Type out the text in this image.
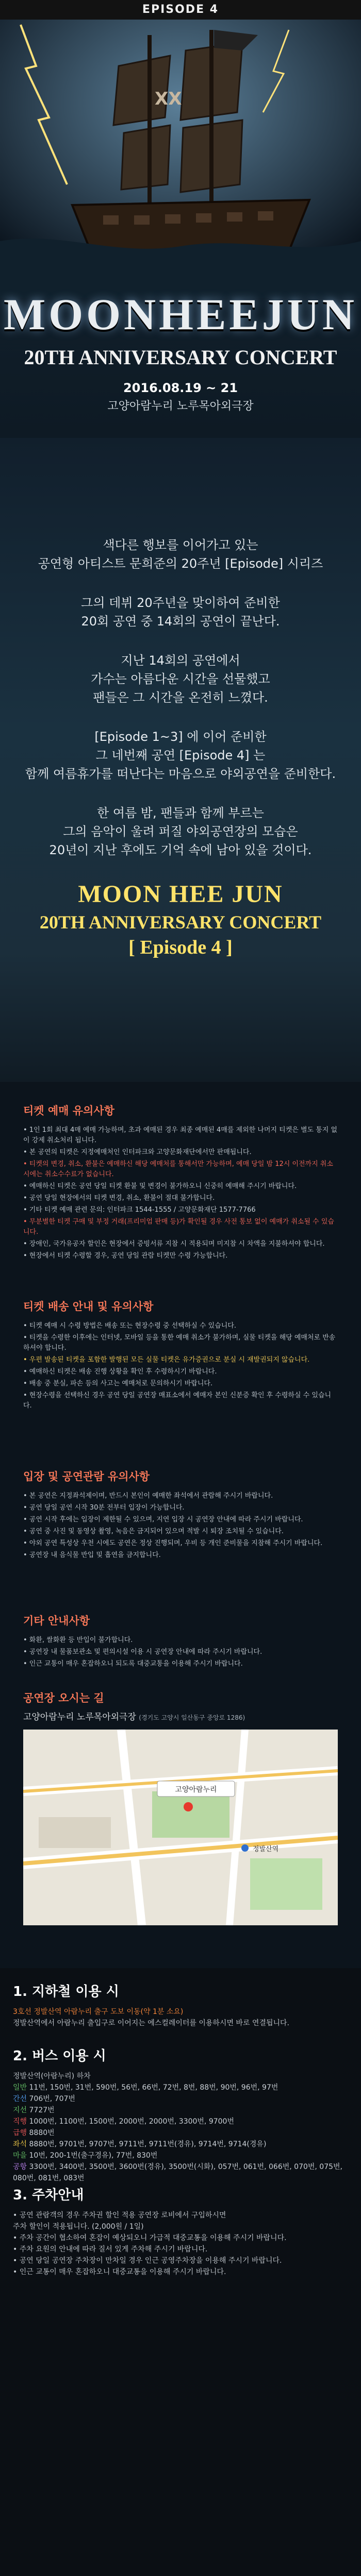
EPISODE 4
XX
MOONHEEJUN
20TH ANNIVERSARY CONCERT
2016.08.19 ~ 21
고양아람누리 노루목아외극장

색다른 행보를 이어가고 있는
공연형 아티스트 문희준의 20주년 [Episode] 시리즈

그의 데뷔 20주년을 맞이하여 준비한
20회 공연 중 14회의 공연이 끝난다.

지난 14회의 공연에서
가수는 아름다운 시간을 선물했고
팬들은 그 시간을 온전히 느꼈다.

[Episode 1~3] 에 이어 준비한
그 네번째 공연 [Episode 4] 는
함께 여름휴가를 떠난다는 마음으로 야외공연을 준비한다.

한 여름 밤, 팬들과 함께 부르는
그의 음악이 울려 퍼질 야외공연장의 모습은
20년이 지난 후에도 기억 속에 남아 있을 것이다.

MOON HEE JUN
20TH ANNIVERSARY CONCERT
[ Episode 4 ]
티켓 예매 유의사항
• 1인 1회 최대 4매 예매 가능하며, 초과 예매된 경우 최종 예매된 4매를 제외한 나머지 티켓은 별도 통지 없이 강제 취소처리 됩니다.
• 본 공연의 티켓은 지정예매처인 인터파크와 고양문화재단에서만 판매됩니다.
• 티켓의 변경, 취소, 환불은 예매하신 해당 예매처를 통해서만 가능하며, 예매 당일 밤 12시 이전까지 취소 시에는 취소수수료가 없습니다.
• 예매하신 티켓은 공연 당일 티켓 환불 및 변경이 불가하오니 신중히 예매해 주시기 바랍니다.
• 공연 당일 현장에서의 티켓 변경, 취소, 환불이 절대 불가합니다.
• 기타 티켓 예매 관련 문의: 인터파크 1544-1555 / 고양문화재단 1577-7766
• 무분별한 티켓 구매 및 부정 거래(프리미엄 판매 등)가 확인될 경우 사전 통보 없이 예매가 취소될 수 있습니다.
• 장애인, 국가유공자 할인은 현장에서 증빙서류 지참 시 적용되며 미지참 시 차액을 지불하셔야 합니다.
• 현장에서 티켓 수령할 경우, 공연 당일 관람 티켓만 수령 가능합니다.
티켓 배송 안내 및 유의사항
• 티켓 예매 시 수령 방법은 배송 또는 현장수령 중 선택하실 수 있습니다.
• 티켓을 수령한 이후에는 인터넷, 모바일 등을 통한 예매 취소가 불가하며, 실물 티켓을 해당 예매처로 반송하셔야 합니다.
• 우편 발송된 티켓을 포함한 발행된 모든 실물 티켓은 유가증권으로 분실 시 재발권되지 않습니다.
• 예매하신 티켓은 배송 진행 상황을 확인 후 수령하시기 바랍니다.
• 배송 중 분실, 파손 등의 사고는 예매처로 문의하시기 바랍니다.
• 현장수령을 선택하신 경우 공연 당일 공연장 매표소에서 예매자 본인 신분증 확인 후 수령하실 수 있습니다.
입장 및 공연관람 유의사항
• 본 공연은 지정좌석제이며, 반드시 본인이 예매한 좌석에서 관람해 주시기 바랍니다.
• 공연 당일 공연 시작 30분 전부터 입장이 가능합니다.
• 공연 시작 후에는 입장이 제한될 수 있으며, 지연 입장 시 공연장 안내에 따라 주시기 바랍니다.
• 공연 중 사진 및 동영상 촬영, 녹음은 금지되어 있으며 적발 시 퇴장 조치될 수 있습니다.
• 야외 공연 특성상 우천 시에도 공연은 정상 진행되며, 우비 등 개인 준비물을 지참해 주시기 바랍니다.
• 공연장 내 음식물 반입 및 흡연을 금지합니다.
기타 안내사항
• 화환, 쌀화환 등 반입이 불가합니다.
• 공연장 내 물품보관소 및 편의시설 이용 시 공연장 안내에 따라 주시기 바랍니다.
• 인근 교통이 매우 혼잡하오니 되도록 대중교통을 이용해 주시기 바랍니다.
공연장 오시는 길
고양아람누리 노루목아외극장 (경기도 고양시 일산동구 중앙로 1286)
고양아람누리
정발산역
1. 지하철 이용 시
3호선 정발산역 아람누리 출구 도보 이동(약 1분 소요)
정발산역에서 아람누리 출입구로 이어지는 에스컬레이터를 이용하시면 바로 연결됩니다.
2. 버스 이용 시
정발산역(아람누리) 하차
일반 11번, 150번, 31번, 590번, 56번, 66번, 72번, 8번, 88번, 90번, 96번, 97번
간선 706번, 707번
지선 7727번
직행 1000번, 1100번, 1500번, 2000번, 2000번, 3300번, 9700번
급행 8880번
좌석 8880번, 9701번, 9707번, 9711번, 9711번(경유), 9714번, 9714(경유)
마을 10번, 200-1번(출구경유), 77번, 830번
공항 3300번, 3400번, 3500번, 3600번(경유), 3500번(시화), 057번, 061번, 066번, 070번, 075번, 080번, 081번, 083번
3. 주차안내
• 공연 관람객의 경우 주차권 할인 적용 공연장 로비에서 구입하시면
주차 할인이 적용됩니다. (2,000원 / 1일)
• 주차 공간이 협소하여 혼잡이 예상되오니 가급적 대중교통을 이용해 주시기 바랍니다.
• 주차 요원의 안내에 따라 질서 있게 주차해 주시기 바랍니다.
• 공연 당일 공연장 주차장이 만차일 경우 인근 공영주차장을 이용해 주시기 바랍니다.
• 인근 교통이 매우 혼잡하오니 대중교통을 이용해 주시기 바랍니다.
